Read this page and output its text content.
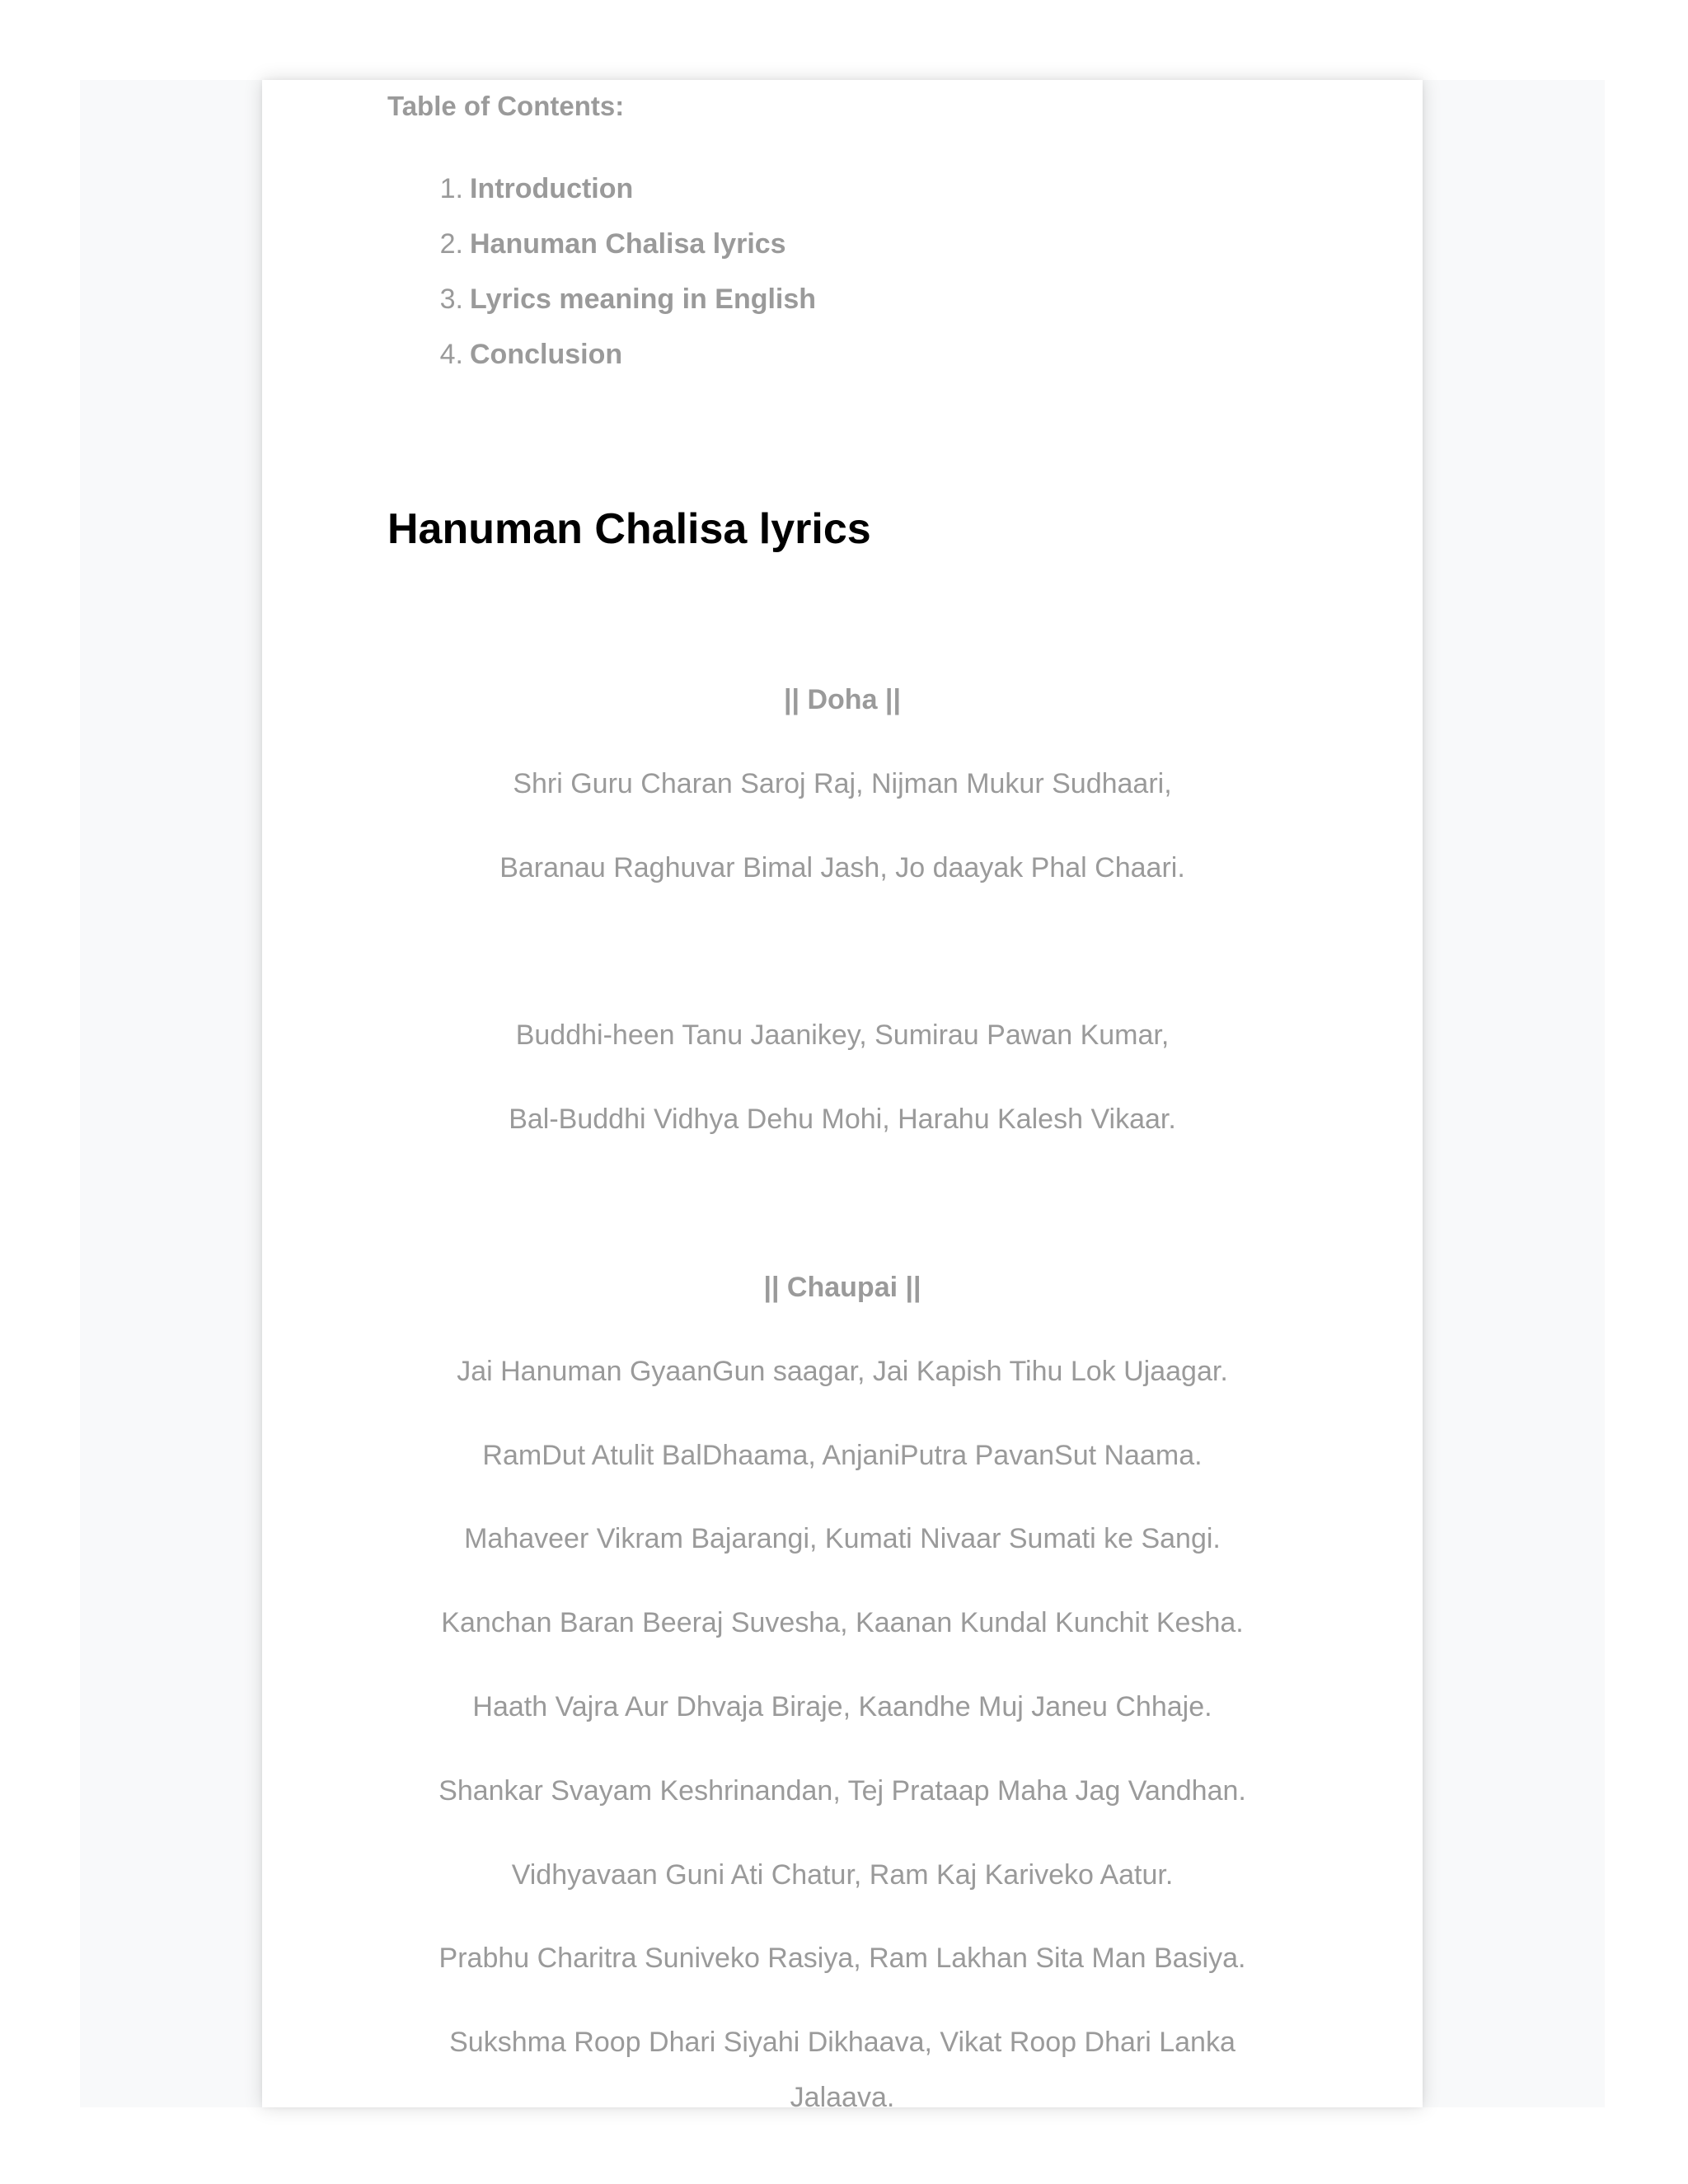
Table of Contents:
1. Introduction
2. Hanuman Chalisa lyrics
3. Lyrics meaning in English
4. Conclusion
Hanuman Chalisa lyrics
|| Doha ||
Shri Guru Charan Saroj Raj, Nijman Mukur Sudhaari,
Baranau Raghuvar Bimal Jash, Jo daayak Phal Chaari.
Buddhi-heen Tanu Jaanikey, Sumirau Pawan Kumar,
Bal-Buddhi Vidhya Dehu Mohi, Harahu Kalesh Vikaar.
|| Chaupai ||
Jai Hanuman GyaanGun saagar, Jai Kapish Tihu Lok Ujaagar.
RamDut Atulit BalDhaama, AnjaniPutra PavanSut Naama.
Mahaveer Vikram Bajarangi, Kumati Nivaar Sumati ke Sangi.
Kanchan Baran Beeraj Suvesha, Kaanan Kundal Kunchit Kesha.
Haath Vajra Aur Dhvaja Biraje, Kaandhe Muj Janeu Chhaje.
Shankar Svayam Keshrinandan, Tej Prataap Maha Jag Vandhan.
Vidhyavaan Guni Ati Chatur, Ram Kaj Kariveko Aatur.
Prabhu Charitra Suniveko Rasiya, Ram Lakhan Sita Man Basiya.
Sukshma Roop Dhari Siyahi Dikhaava, Vikat Roop Dhari Lanka Jalaava.
